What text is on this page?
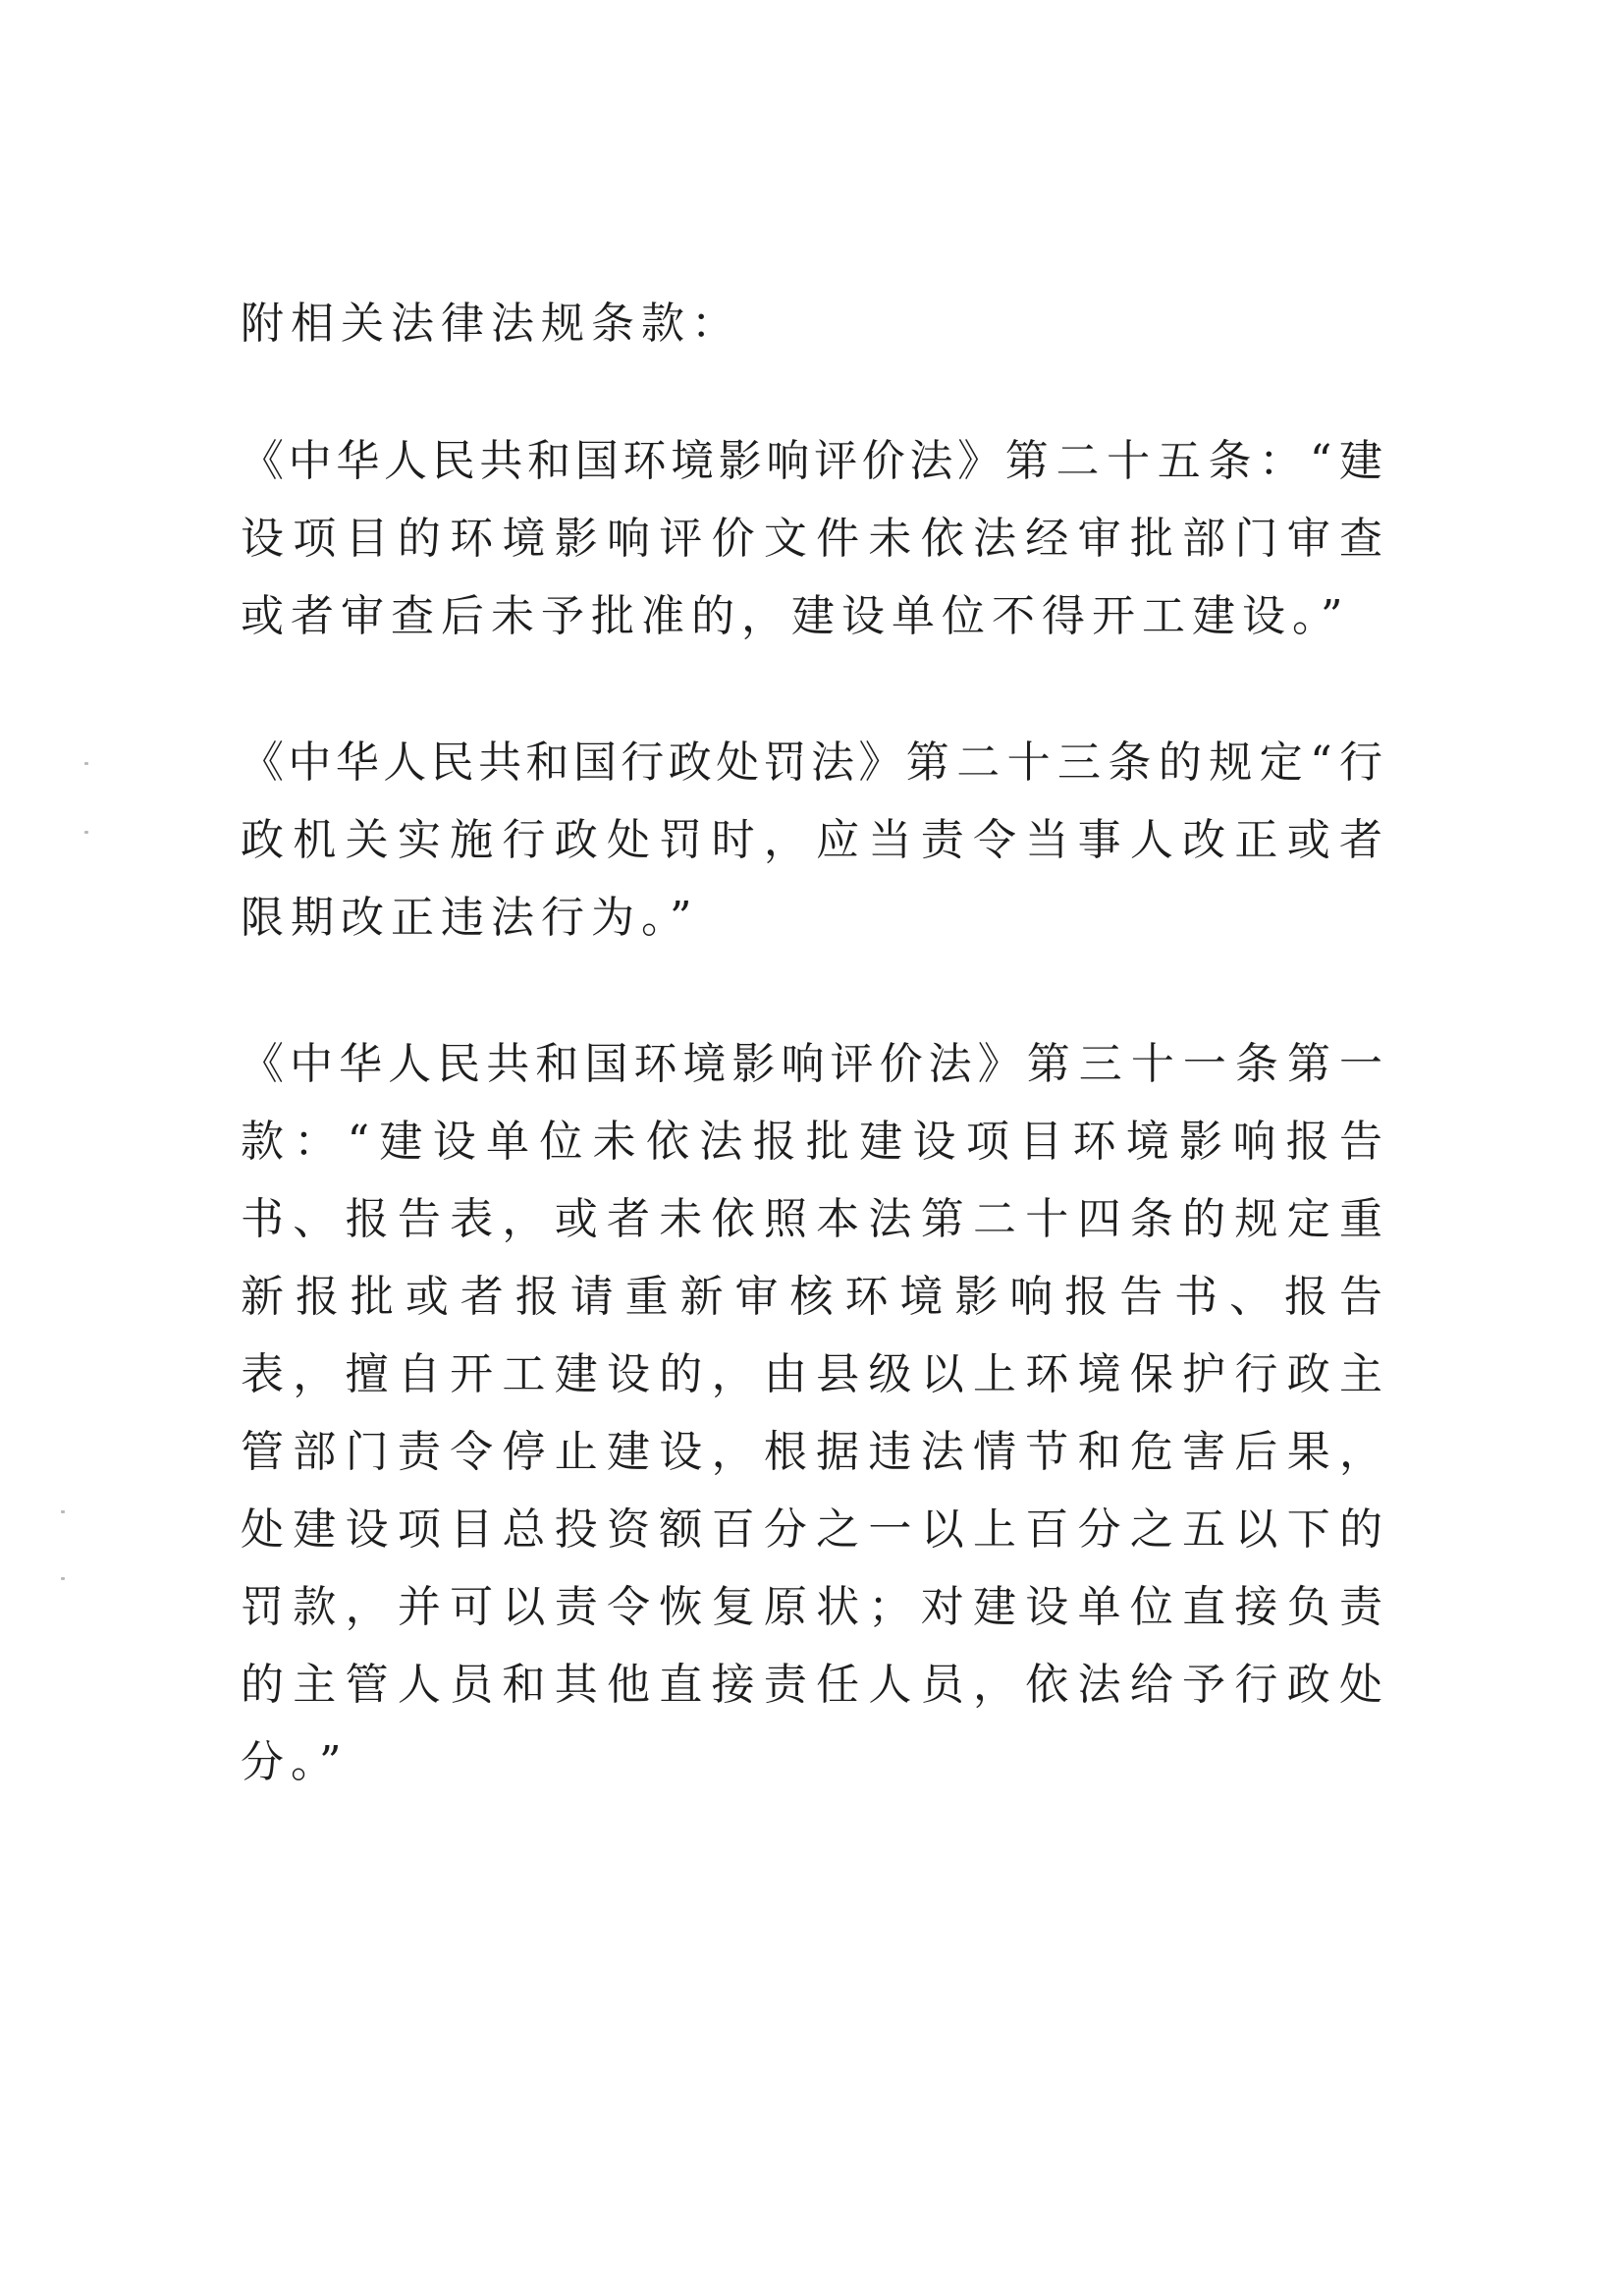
附相关法律法规条款：

《中华人民共和国环境影响评价法》第二十五条：“建设项目的环境影响评价文件未依法经审批部门审查或者审查后未予批准的，建设单位不得开工建设。”

《中华人民共和国行政处罚法》第二十三条的规定“行政机关实施行政处罚时，应当责令当事人改正或者限期改正违法行为。”

《中华人民共和国环境影响评价法》第三十一条第一款：“建设单位未依法报批建设项目环境影响报告书、报告表，或者未依照本法第二十四条的规定重新报批或者报请重新审核环境影响报告书、报告表，擅自开工建设的，由县级以上环境保护行政主管部门责令停止建设，根据违法情节和危害后果，处建设项目总投资额百分之一以上百分之五以下的罚款，并可以责令恢复原状；对建设单位直接负责的主管人员和其他直接责任人员，依法给予行政处分。”
